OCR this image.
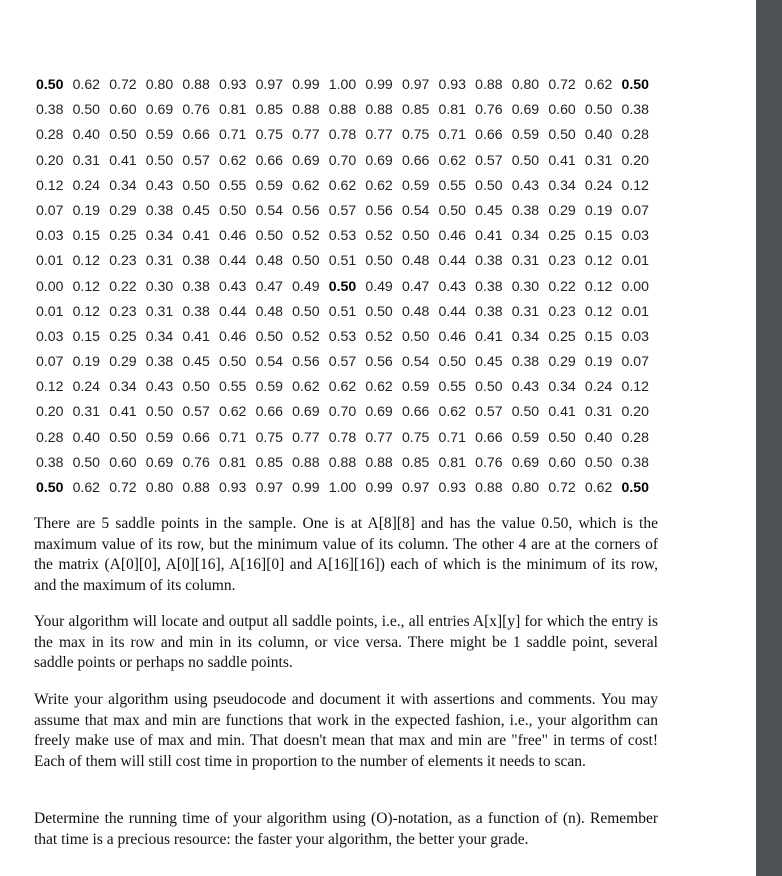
0.50 0.62 0.72 0.80 0.88 0.93 0.97 0.99 1.00 0.99 0.97 0.93 0.88 0.80 0.72 0.62 0.50
0.38 0.50 0.60 0.69 0.76 0.81 0.85 0.88 0.88 0.88 0.85 0.81 0.76 0.69 0.60 0.50 0.38
0.28 0.40 0.50 0.59 0.66 0.71 0.75 0.77 0.78 0.77 0.75 0.71 0.66 0.59 0.50 0.40 0.28
0.20 0.31 0.41 0.50 0.57 0.62 0.66 0.69 0.70 0.69 0.66 0.62 0.57 0.50 0.41 0.31 0.20
0.12 0.24 0.34 0.43 0.50 0.55 0.59 0.62 0.62 0.62 0.59 0.55 0.50 0.43 0.34 0.24 0.12
0.07 0.19 0.29 0.38 0.45 0.50 0.54 0.56 0.57 0.56 0.54 0.50 0.45 0.38 0.29 0.19 0.07
0.03 0.15 0.25 0.34 0.41 0.46 0.50 0.52 0.53 0.52 0.50 0.46 0.41 0.34 0.25 0.15 0.03
0.01 0.12 0.23 0.31 0.38 0.44 0.48 0.50 0.51 0.50 0.48 0.44 0.38 0.31 0.23 0.12 0.01
0.00 0.12 0.22 0.30 0.38 0.43 0.47 0.49 0.50 0.49 0.47 0.43 0.38 0.30 0.22 0.12 0.00
0.01 0.12 0.23 0.31 0.38 0.44 0.48 0.50 0.51 0.50 0.48 0.44 0.38 0.31 0.23 0.12 0.01
0.03 0.15 0.25 0.34 0.41 0.46 0.50 0.52 0.53 0.52 0.50 0.46 0.41 0.34 0.25 0.15 0.03
0.07 0.19 0.29 0.38 0.45 0.50 0.54 0.56 0.57 0.56 0.54 0.50 0.45 0.38 0.29 0.19 0.07
0.12 0.24 0.34 0.43 0.50 0.55 0.59 0.62 0.62 0.62 0.59 0.55 0.50 0.43 0.34 0.24 0.12
0.20 0.31 0.41 0.50 0.57 0.62 0.66 0.69 0.70 0.69 0.66 0.62 0.57 0.50 0.41 0.31 0.20
0.28 0.40 0.50 0.59 0.66 0.71 0.75 0.77 0.78 0.77 0.75 0.71 0.66 0.59 0.50 0.40 0.28
0.38 0.50 0.60 0.69 0.76 0.81 0.85 0.88 0.88 0.88 0.85 0.81 0.76 0.69 0.60 0.50 0.38
0.50 0.62 0.72 0.80 0.88 0.93 0.97 0.99 1.00 0.99 0.97 0.93 0.88 0.80 0.72 0.62 0.50

There are 5 saddle points in the sample. One is at A[8][8] and has the value 0.50, which is the maximum value of its row, but the minimum value of its column. The other 4 are at the corners of the matrix (A[0][0], A[0][16], A[16][0] and A[16][16]) each of which is the minimum of its row, and the maximum of its column.

Your algorithm will locate and output all saddle points, i.e., all entries A[x][y] for which the entry is the max in its row and min in its column, or vice versa. There might be 1 saddle point, several saddle points or perhaps no saddle points.

Write your algorithm using pseudocode and document it with assertions and comments. You may assume that max and min are functions that work in the expected fashion, i.e., your algorithm can freely make use of max and min. That doesn't mean that max and min are "free" in terms of cost! Each of them will still cost time in proportion to the number of elements it needs to scan.

Determine the running time of your algorithm using (O)-notation, as a function of (n). Remember that time is a precious resource: the faster your algorithm, the better your grade.
